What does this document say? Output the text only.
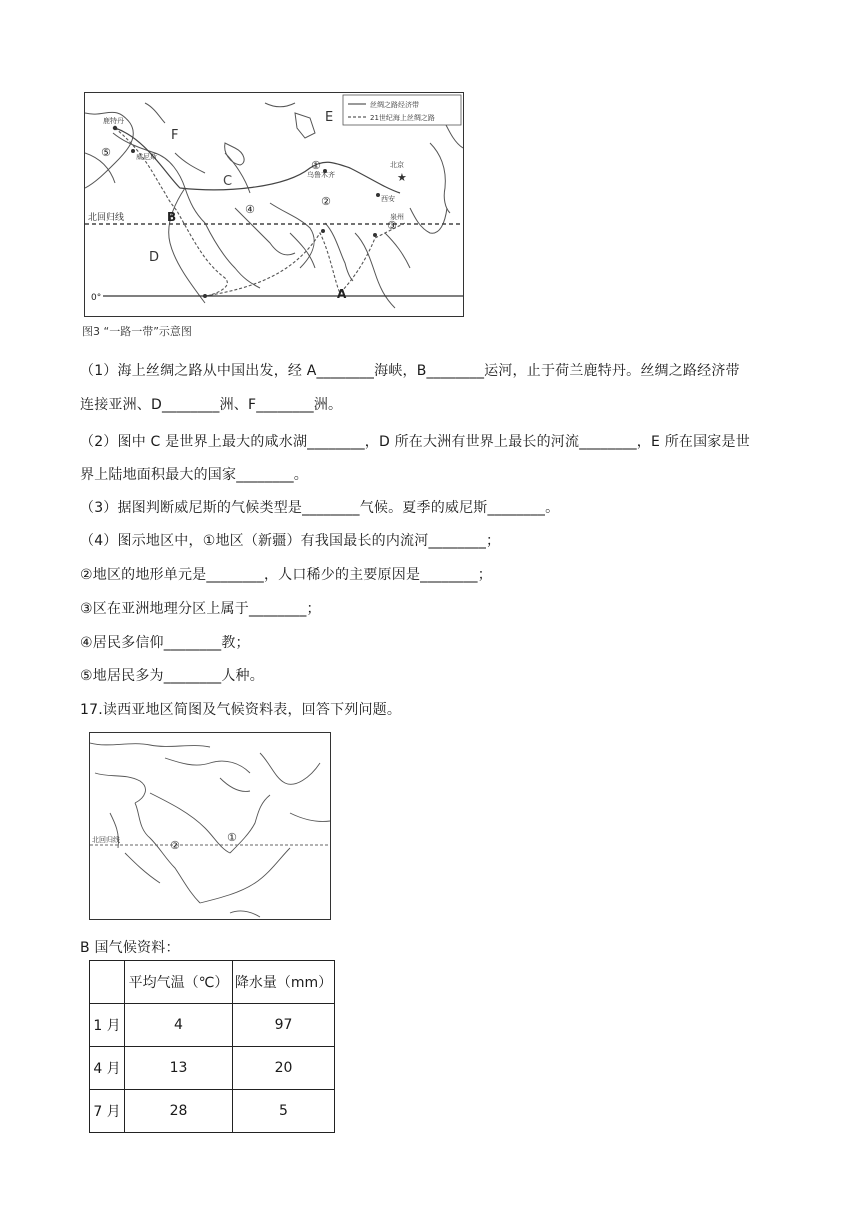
丝绸之路经济带
21世纪海上丝绸之路
北回归线
0°
★
鹿特丹
威尼斯
乌鲁木齐
西安
北京
泉州
A
B
C
D
E
F
①
②
③
④
⑤
图3 “一路一带”示意图
（1）海上丝绸之路从中国出发，经 A________海峡，B________运河，止于荷兰鹿特丹。丝绸之路经济带
连接亚洲、D________洲、F________洲。
（2）图中 C 是世界上最大的咸水湖________，D 所在大洲有世界上最长的河流________，E 所在国家是世
界上陆地面积最大的国家________。
（3）据图判断威尼斯的气候类型是________气候。夏季的威尼斯________。
（4）图示地区中，①地区（新疆）有我国最长的内流河________；
②地区的地形单元是________，人口稀少的主要原因是________；
③区在亚洲地理分区上属于________；
④居民多信仰________教；
⑤地居民多为________人种。
17.读西亚地区简图及气候资料表，回答下列问题。
北回归线	①
②
B 国气候资料：
	平均气温（℃）	降水量（mm）
1 月	4	97
4 月	13	20
7 月	28	5
